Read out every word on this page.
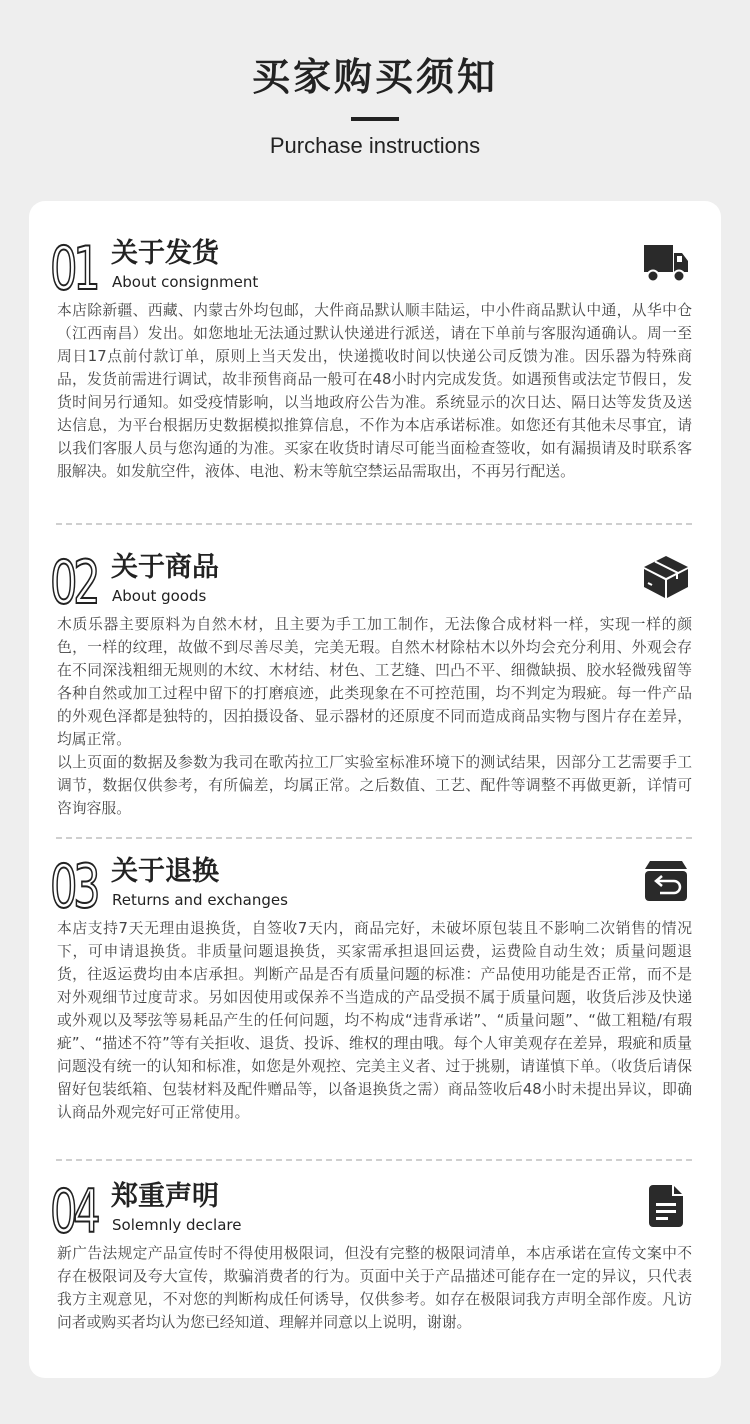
买家购买须知
Purchase instructions
01 关于发货
About consignment

本店除新疆、西藏、内蒙古外均包邮，大件商品默认顺丰陆运，中小件商品默认中通，从华中仓（江西南昌）发出。如您地址无法通过默认快递进行派送，请在下单前与客服沟通确认。周一至周日17点前付款订单，原则上当天发出，快递揽收时间以快递公司反馈为准。因乐器为特殊商品，发货前需进行调试，故非预售商品一般可在48小时内完成发货。如遇预售或法定节假日，发货时间另行通知。如受疫情影响，以当地政府公告为准。系统显示的次日达、隔日达等发货及送达信息，为平台根据历史数据模拟推算信息，不作为本店承诺标准。如您还有其他未尽事宜，请以我们客服人员与您沟通的为准。买家在收货时请尽可能当面检查签收，如有漏损请及时联系客服解决。如发航空件，液体、电池、粉末等航空禁运品需取出，不再另行配送。

02 关于商品
About goods

木质乐器主要原料为自然木材，且主要为手工加工制作，无法像合成材料一样，实现一样的颜色，一样的纹理，故做不到尽善尽美，完美无瑕。自然木材除枯木以外均会充分利用、外观会存在不同深浅粗细无规则的木纹、木材结、材色、工艺缝、凹凸不平、细微缺损、胶水轻微残留等各种自然或加工过程中留下的打磨痕迹，此类现象在不可控范围，均不判定为瑕疵。每一件产品的外观色泽都是独特的，因拍摄设备、显示器材的还原度不同而造成商品实物与图片存在差异，均属正常。

以上页面的数据及参数为我司在歌芮拉工厂实验室标准环境下的测试结果，因部分工艺需要手工调节，数据仅供参考，有所偏差，均属正常。之后数值、工艺、配件等调整不再做更新，详情可咨询容服。

03 关于退换
Returns and exchanges

本店支持7天无理由退换货，自签收7天内，商品完好，未破坏原包装且不影响二次销售的情况下，可申请退换货。非质量问题退换货，买家需承担退回运费，运费险自动生效；质量问题退货，往返运费均由本店承担。判断产品是否有质量问题的标准：产品使用功能是否正常，而不是对外观细节过度苛求。另如因使用或保养不当造成的产品受损不属于质量问题，收货后涉及快递或外观以及琴弦等易耗品产生的任何问题，均不构成“违背承诺”、“质量问题”、“做工粗糙/有瑕疵”、“描述不符”等有关拒收、退货、投诉、维权的理由哦。每个人审美观存在差异，瑕疵和质量问题没有统一的认知和标准，如您是外观控、完美主义者、过于挑剔，请谨慎下单。（收货后请保留好包装纸箱、包装材料及配件赠品等，以备退换货之需）商品签收后48小时未提出异议，即确认商品外观完好可正常使用。

04 郑重声明
Solemnly declare

新广告法规定产品宣传时不得使用极限词，但没有完整的极限词清单，本店承诺在宣传文案中不存在极限词及夸大宣传，欺骗消费者的行为。页面中关于产品描述可能存在一定的异议，只代表我方主观意见，不对您的判断构成任何诱导，仅供参考。如存在极限词我方声明全部作废。凡访问者或购买者均认为您已经知道、理解并同意以上说明，谢谢。
